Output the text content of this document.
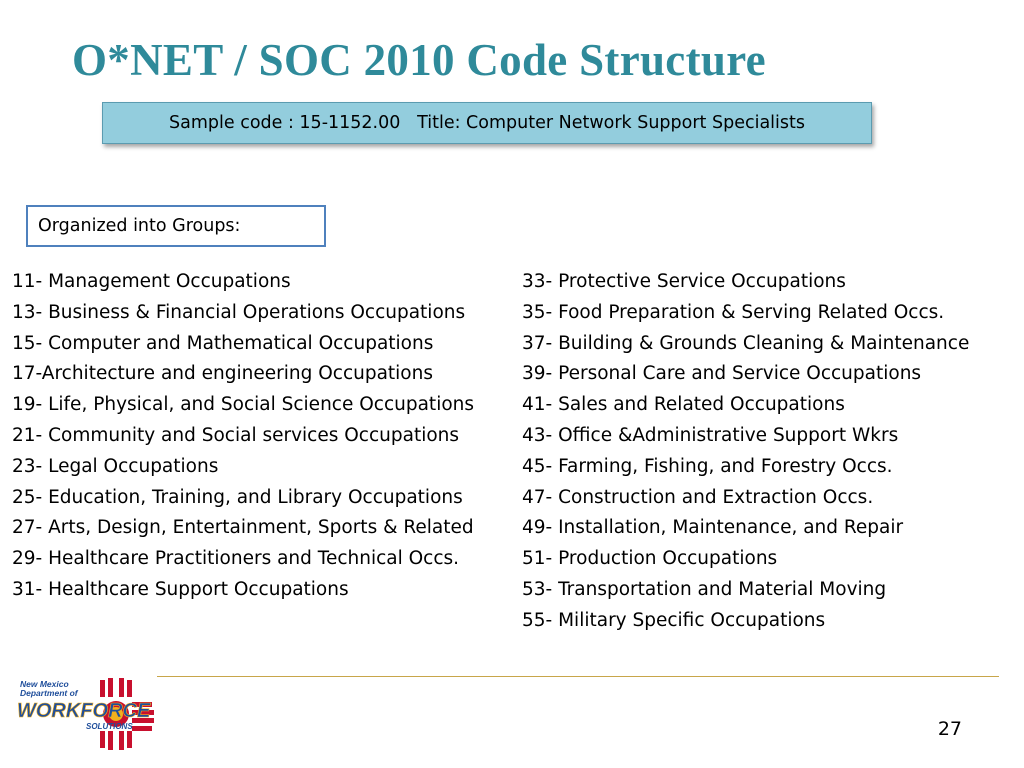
O*NET / SOC 2010 Code Structure
Sample code : 15-1152.00
Title: Computer Network Support Specialists
Organized into Groups:
11- Management Occupations
13- Business & Financial Operations Occupations
15- Computer and Mathematical Occupations
17-Architecture and engineering Occupations
19- Life, Physical, and Social Science Occupations
21- Community and Social services Occupations
23- Legal Occupations
25- Education, Training, and Library Occupations
27- Arts, Design, Entertainment, Sports & Related
29- Healthcare Practitioners and Technical Occs.
31- Healthcare Support Occupations
33- Protective Service Occupations
35- Food Preparation & Serving Related Occs.
37- Building & Grounds Cleaning & Maintenance
39- Personal Care and Service Occupations
41- Sales and Related Occupations
43- Office &Administrative Support Wkrs
45- Farming, Fishing, and Forestry Occs.
47- Construction and Extraction Occs.
49- Installation, Maintenance, and Repair
51- Production Occupations
53- Transportation and Material Moving
55- Military Specific Occupations
New Mexico
Department of
WORKFORCE
SOLUTIONS	27
